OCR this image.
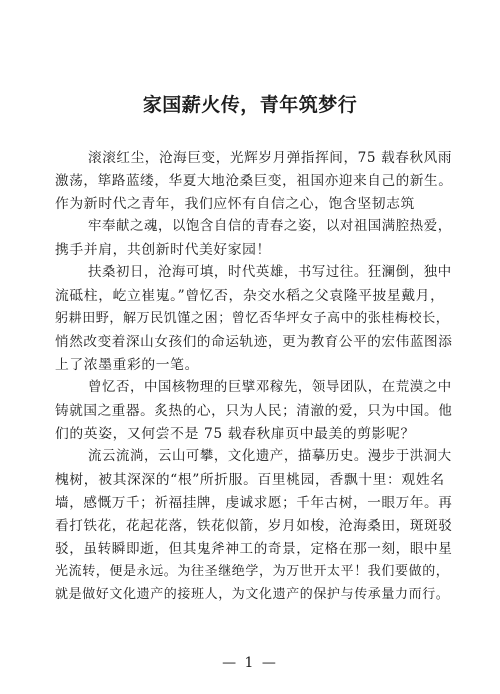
家国薪火传，青年筑梦行
滚滚红尘，沧海巨变，光辉岁月弹指挥间，75 载春秋风雨
激荡，筚路蓝缕，华夏大地沧桑巨变，祖国亦迎来自己的新生。
作为新时代之青年，我们应怀有自信之心，饱含坚韧志筑
牢奉献之魂，以饱含自信的青春之姿，以对祖国满腔热爱，
携手并肩，共创新时代美好家园！
扶桑初日，沧海可填，时代英雄，书写过往。狂澜倒，独中
流砥柱，屹立崔嵬。”曾忆否，杂交水稻之父袁隆平披星戴月，
躬耕田野，解万民饥馑之困；曾忆否华坪女子高中的张桂梅校长，
悄然改变着深山女孩们的命运轨迹，更为教育公平的宏伟蓝图添
上了浓墨重彩的一笔。
曾忆否，中国核物理的巨擘邓稼先，领导团队，在荒漠之中
铸就国之重器。炙热的心，只为人民；清澈的爱，只为中国。他
们的英姿，又何尝不是 75 载春秋扉页中最美的剪影呢？
流云流淌，云山可攀，文化遗产，描摹历史。漫步于洪洞大
槐树，被其深深的“根”所折服。百里桃园，香飘十里：观姓名
墙，感慨万千；祈福挂牌，虔诚求愿；千年古树，一眼万年。再
看打铁花，花起花落，铁花似箭，岁月如梭，沧海桑田，斑斑驳
驳，虽转瞬即逝，但其鬼斧神工的奇景，定格在那一刻，眼中星
光流转，便是永远。为往圣继绝学，为万世开太平！我们要做的，
就是做好文化遗产的接班人，为文化遗产的保护与传承量力而行。
— 1 —
